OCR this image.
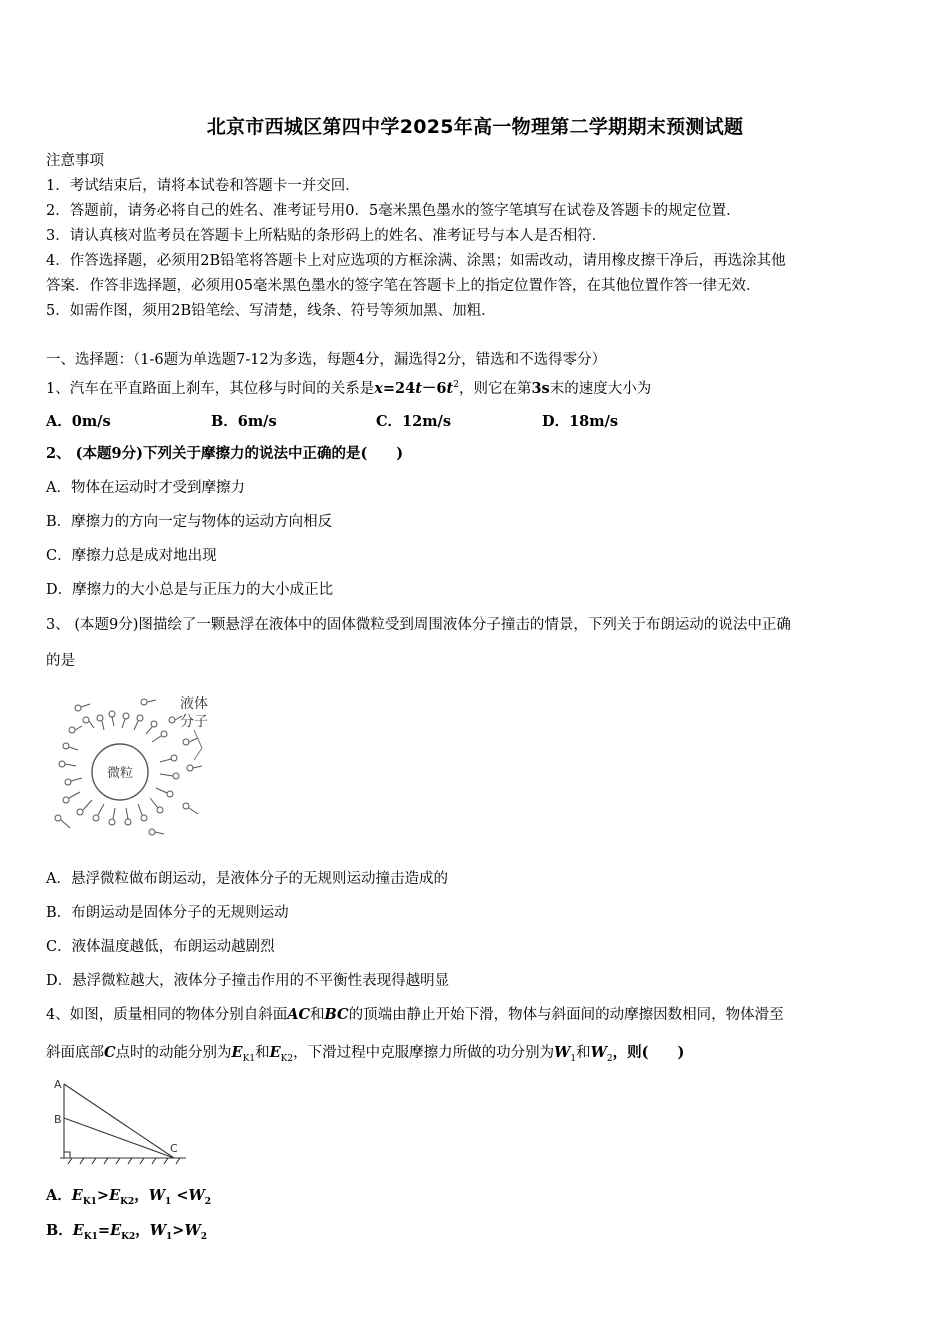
北京市西城区第四中学2025年高一物理第二学期期末预测试题
注意事项
1．考试结束后，请将本试卷和答题卡一并交回．
2．答题前，请务必将自己的姓名、准考证号用0．5毫米黑色墨水的签字笔填写在试卷及答题卡的规定位置．
3．请认真核对监考员在答题卡上所粘贴的条形码上的姓名、准考证号与本人是否相符．
4．作答选择题，必须用2B铅笔将答题卡上对应选项的方框涂满、涂黑；如需改动，请用橡皮擦干净后，再选涂其他
答案．作答非选择题，必须用05毫米黑色墨水的签字笔在答题卡上的指定位置作答，在其他位置作答一律无效．
5．如需作图，须用2B铅笔绘、写清楚，线条、符号等须加黑、加粗．
一、选择题：（1-6题为单选题7-12为多选，每题4分，漏选得2分，错选和不选得零分）
1、汽车在平直路面上刹车，其位移与时间的关系是$x=24t-6t^2$，则它在第3s末的速度大小为
A．0m/s	B．6m/s	C．12m/s	D．18m/s
2、 (本题9分)下列关于摩擦力的说法中正确的是(　　)
A．物体在运动时才受到摩擦力
B．摩擦力的方向一定与物体的运动方向相反
C．摩擦力总是成对地出现
D．摩擦力的大小总是与正压力的大小成正比
3、 (本题9分)图描绘了一颗悬浮在液体中的固体微粒受到周围液体分子撞击的情景，下列关于布朗运动的说法中正确
的是
微粒
液体
分子
A．悬浮微粒做布朗运动，是液体分子的无规则运动撞击造成的
B．布朗运动是固体分子的无规则运动
C．液体温度越低，布朗运动越剧烈
D．悬浮微粒越大，液体分子撞击作用的不平衡性表现得越明显
4、如图，质量相同的物体分别自斜面AC和BC的顶端由静止开始下滑，物体与斜面间的动摩擦因数相同，物体滑至
斜面底部C点时的动能分别为$E_{K1}$和$E_{K2}$，下滑过程中克服摩擦力所做的功分别为$W_1$和$W_2$，则(　　)
A
B
C
A．$E_{K1}>E_{K2}$，$W_1 <W_2$
B．$E_{K1}=E_{K2}$，$W_1>W_2$
